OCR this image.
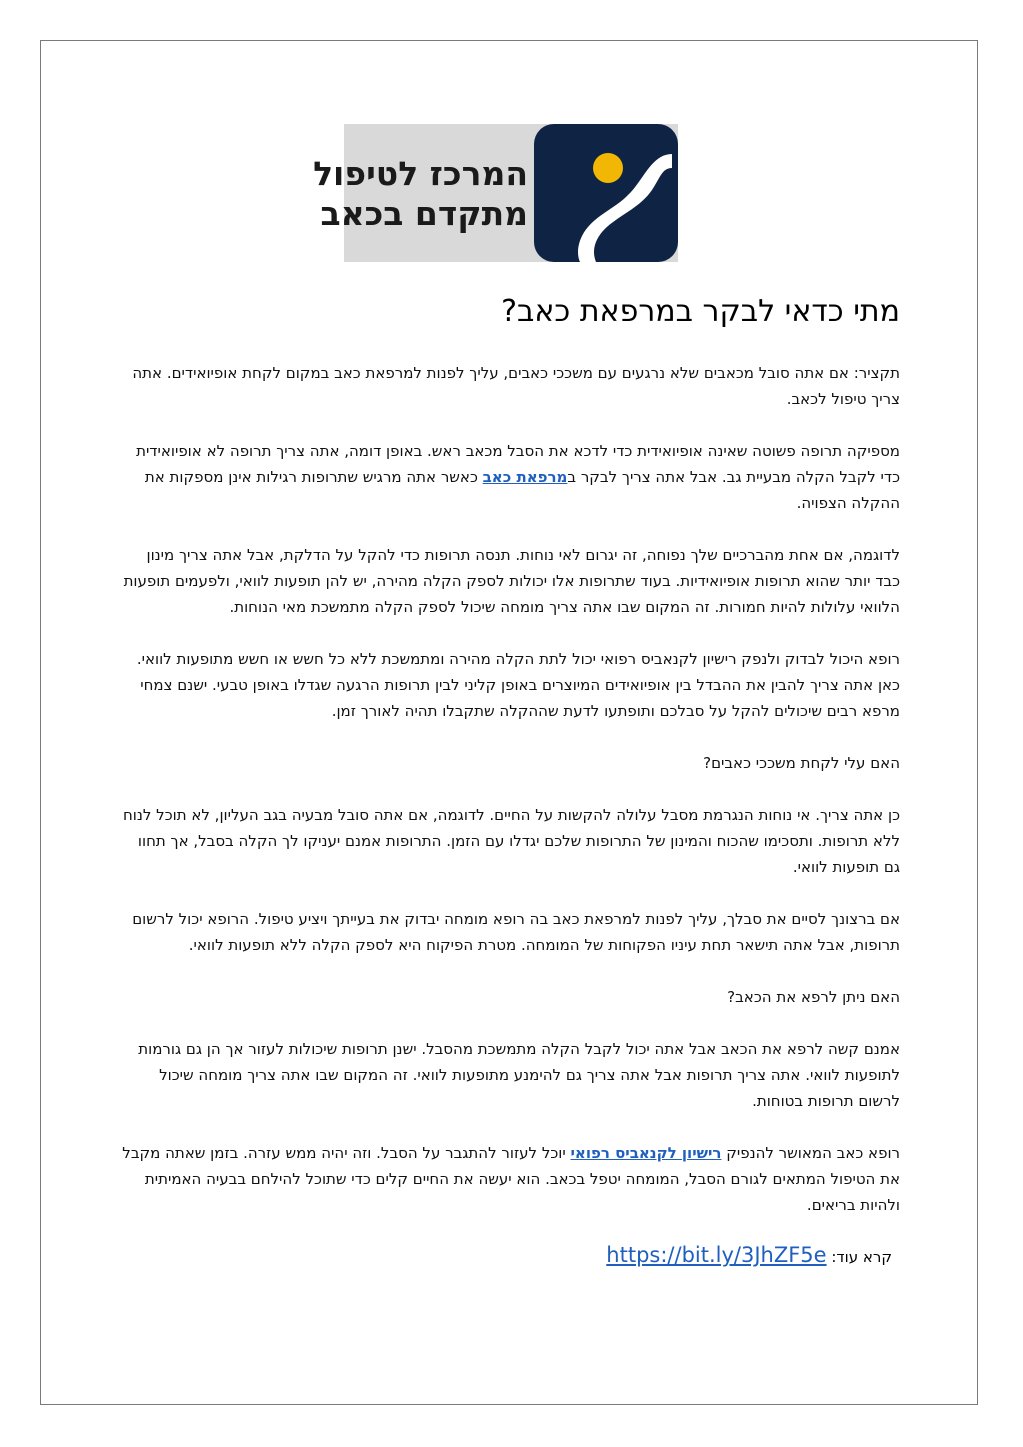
המרכז לטיפול
מתקדם בכאב
מתי כדאי לבקר במרפאת כאב?

תקציר: אם אתה סובל מכאבים שלא נרגעים עם משככי כאבים, עליך לפנות למרפאת כאב במקום לקחת אופיואידים. אתה צריך טיפול לכאב.

מספיקה תרופה פשוטה שאינה אופיואידית כדי לדכא את הסבל מכאב ראש. באופן דומה, אתה צריך תרופה לא אופיואידית כדי לקבל הקלה מבעיית גב. אבל אתה צריך לבקר במרפאת כאב כאשר אתה מרגיש שתרופות רגילות אינן מספקות את ההקלה הצפויה.

לדוגמה, אם אחת מהברכיים שלך נפוחה, זה יגרום לאי נוחות. תנסה תרופות כדי להקל על הדלקת, אבל אתה צריך מינון כבד יותר שהוא תרופות אופיואידיות. בעוד שתרופות אלו יכולות לספק הקלה מהירה, יש להן תופעות לוואי, ולפעמים תופעות הלוואי עלולות להיות חמורות. זה המקום שבו אתה צריך מומחה שיכול לספק הקלה מתמשכת מאי הנוחות.

רופא היכול לבדוק ולנפק רישיון לקנאביס רפואי יכול לתת הקלה מהירה ומתמשכת ללא כל חשש או חשש מתופעות לוואי. כאן אתה צריך להבין את ההבדל בין אופיואידים המיוצרים באופן קליני לבין תרופות הרגעה שגדלו באופן טבעי. ישנם צמחי מרפא רבים שיכולים להקל על סבלכם ותופתעו לדעת שההקלה שתקבלו תהיה לאורך זמן.

האם עלי לקחת משככי כאבים?

כן אתה צריך. אי נוחות הנגרמת מסבל עלולה להקשות על החיים. לדוגמה, אם אתה סובל מבעיה בגב העליון, לא תוכל לנוח ללא תרופות. ותסכימו שהכוח והמינון של התרופות שלכם יגדלו עם הזמן. התרופות אמנם יעניקו לך הקלה בסבל, אך תחוו גם תופעות לוואי.

אם ברצונך לסיים את סבלך, עליך לפנות למרפאת כאב בה רופא מומחה יבדוק את בעייתך ויציע טיפול. הרופא יכול לרשום תרופות, אבל אתה תישאר תחת עיניו הפקוחות של המומחה. מטרת הפיקוח היא לספק הקלה ללא תופעות לוואי.

האם ניתן לרפא את הכאב?

אמנם קשה לרפא את הכאב אבל אתה יכול לקבל הקלה מתמשכת מהסבל. ישנן תרופות שיכולות לעזור אך הן גם גורמות לתופעות לוואי. אתה צריך תרופות אבל אתה צריך גם להימנע מתופעות לוואי. זה המקום שבו אתה צריך מומחה שיכול לרשום תרופות בטוחות.

רופא כאב המאושר להנפיק רישיון לקנאביס רפואי יוכל לעזור להתגבר על הסבל. וזה יהיה ממש עזרה. בזמן שאתה מקבל את הטיפול המתאים לגורם הסבל, המומחה יטפל בכאב. הוא יעשה את החיים קלים כדי שתוכל להילחם בבעיה האמיתית ולהיות בריאים.

קרא עוד: https://bit.ly/3JhZF5e
